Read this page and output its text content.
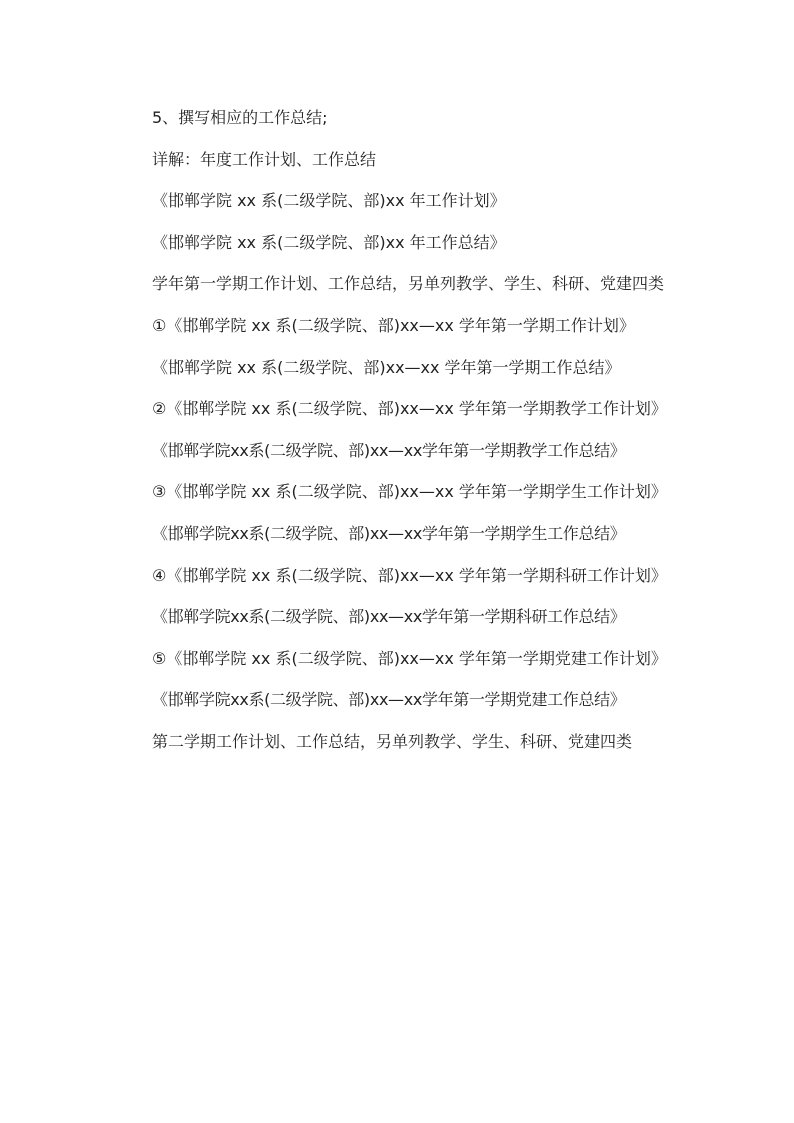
5、撰写相应的工作总结;

详解：年度工作计划、工作总结

《邯郸学院 xx 系(二级学院、部)xx 年工作计划》

《邯郸学院 xx 系(二级学院、部)xx 年工作总结》

学年第一学期工作计划、工作总结，另单列教学、学生、科研、党建四类

①《邯郸学院 xx 系(二级学院、部)xx—xx 学年第一学期工作计划》

《邯郸学院 xx 系(二级学院、部)xx—xx 学年第一学期工作总结》

②《邯郸学院 xx 系(二级学院、部)xx—xx 学年第一学期教学工作计划》

《邯郸学院xx系(二级学院、部)xx—xx学年第一学期教学工作总结》

③《邯郸学院 xx 系(二级学院、部)xx—xx 学年第一学期学生工作计划》

《邯郸学院xx系(二级学院、部)xx—xx学年第一学期学生工作总结》

④《邯郸学院 xx 系(二级学院、部)xx—xx 学年第一学期科研工作计划》

《邯郸学院xx系(二级学院、部)xx—xx学年第一学期科研工作总结》

⑤《邯郸学院 xx 系(二级学院、部)xx—xx 学年第一学期党建工作计划》

《邯郸学院xx系(二级学院、部)xx—xx学年第一学期党建工作总结》

第二学期工作计划、工作总结，另单列教学、学生、科研、党建四类
